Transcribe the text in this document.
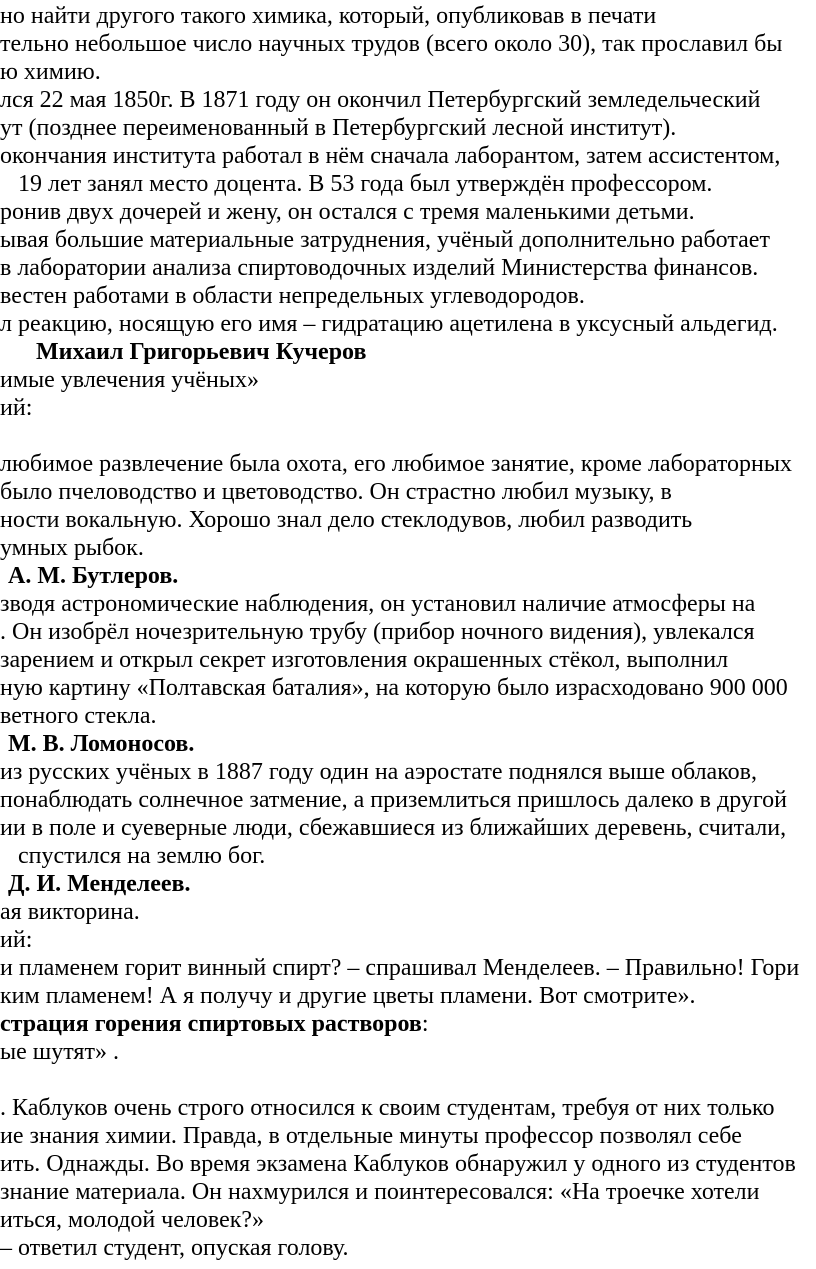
но найти другого такого химика, который, опубликовав в печати
тельно небольшое число научных трудов (всего около 30), так прославил бы
ю химию.
лся 22 мая 1850г. В 1871 году он окончил Петербургский земледельческий
ут (позднее переименованный в Петербургский лесной институт).
окончания института работал в нём сначала лаборантом, затем ассистентом,
19 лет занял место доцента. В 53 года был утверждён профессором.
ронив двух дочерей и жену, он остался с тремя маленькими детьми.
ывая большие материальные затруднения, учёный дополнительно работает
в лаборатории анализа спиртоводочных изделий Министерства финансов.
вестен работами в области непредельных углеводородов.
л реакцию, носящую его имя – гидратацию ацетилена в уксусный альдегид.
Михаил Григорьевич Кучеров
имые увлечения учёных»
ий:
любимое развлечение была охота, его любимое занятие, кроме лабораторных
было пчеловодство и цветоводство. Он страстно любил музыку, в
ности вокальную. Хорошо знал дело стеклодувов, любил разводить
умных рыбок.
А. М. Бутлеров.
зводя астрономические наблюдения, он установил наличие атмосферы на
. Он изобрёл ночезрительную трубу (прибор ночного видения), увлекался
зарением и открыл секрет изготовления окрашенных стёкол, выполнил
ную картину «Полтавская баталия», на которую было израсходовано 900 000
ветного стекла.
М. В. Ломоносов.
из русских учёных в 1887 году один на аэростате поднялся выше облаков,
понаблюдать солнечное затмение, а приземлиться пришлось далеко в другой
ии в поле и суеверные люди, сбежавшиеся из ближайших деревень, считали,
спустился на землю бог.
Д. И. Менделеев.
ая викторина.
ий:
и пламенем горит винный спирт? – спрашивал Менделеев. – Правильно! Гори
ким пламенем! А я получу и другие цветы пламени. Вот смотрите».
страция горения спиртовых растворов:
ые шутят» .
. Каблуков очень строго относился к своим студентам, требуя от них только
ие знания химии. Правда, в отдельные минуты профессор позволял себе
ить. Однажды. Во время экзамена Каблуков обнаружил у одного из студентов
знание материала. Он нахмурился и поинтересовался: «На троечке хотели
иться, молодой человек?»
– ответил студент, опуская голову.
